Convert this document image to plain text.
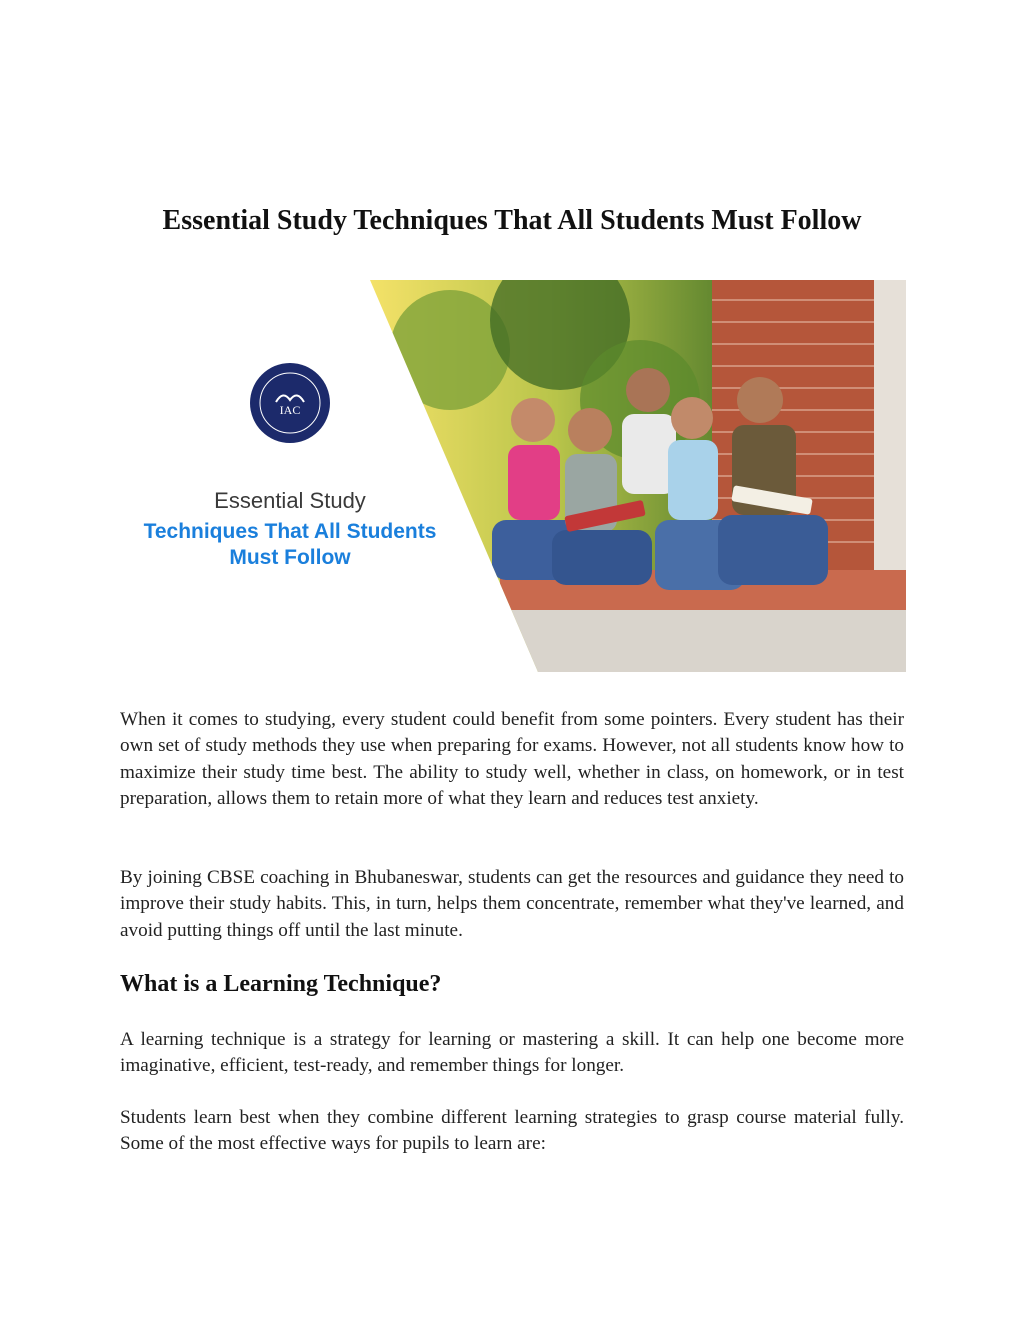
Essential Study Techniques That All Students Must Follow
IAC
Essential Study
Techniques That All Students
Must Follow

When it comes to studying, every student could benefit from some pointers. Every student has their own set of study methods they use when preparing for exams. However, not all students know how to maximize their study time best. The ability to study well, whether in class, on homework, or in test preparation, allows them to retain more of what they learn and reduces test anxiety.

By joining CBSE coaching in Bhubaneswar, students can get the resources and guidance they need to improve their study habits. This, in turn, helps them concentrate, remember what they've learned, and avoid putting things off until the last minute.

What is a Learning Technique?

A learning technique is a strategy for learning or mastering a skill. It can help one become more imaginative, efficient, test-ready, and remember things for longer.

Students learn best when they combine different learning strategies to grasp course material fully. Some of the most effective ways for pupils to learn are:
